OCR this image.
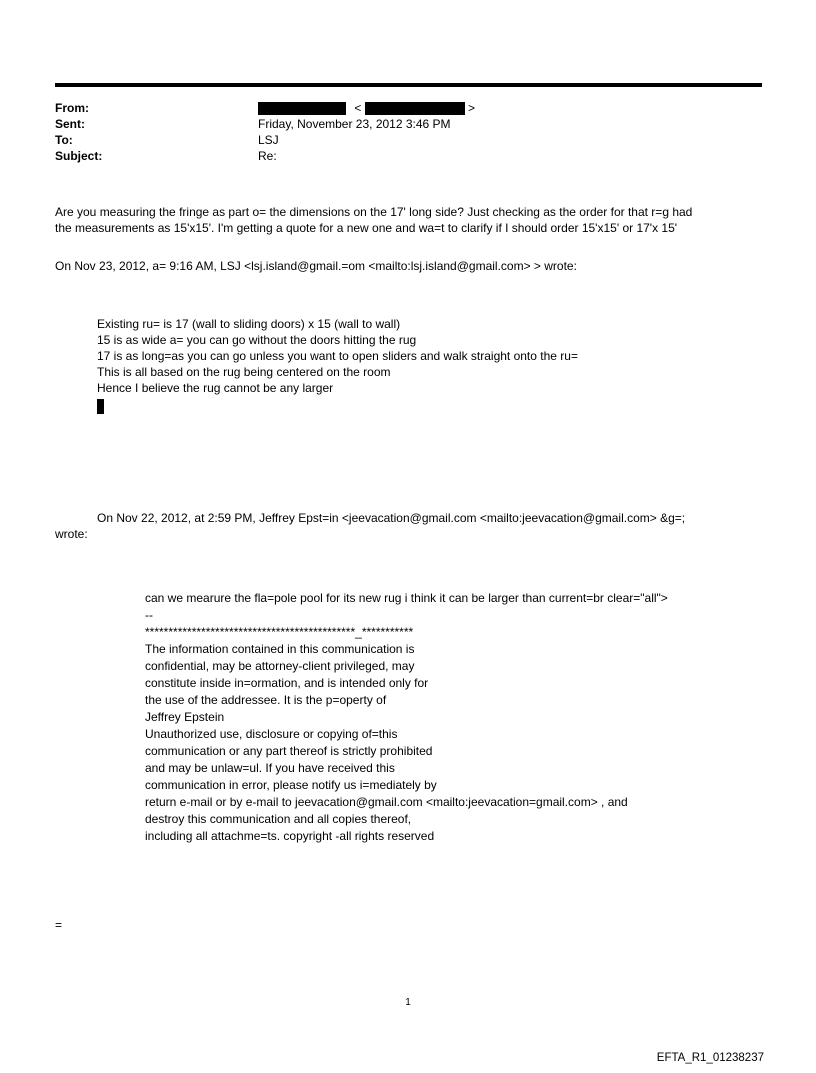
From:	<	>
Sent:	Friday, November 23, 2012 3:46 PM
To:	LSJ
Subject:	Re:
Are you measuring the fringe as part o= the dimensions on the 17' long side? Just checking as the order for that r=g had
the measurements as 15'x15'. I'm getting a quote for a new one and wa=t to clarify if I should order 15'x15' or 17'x 15'
On Nov 23, 2012, a= 9:16 AM, LSJ <lsj.island@gmail.=om <mailto:lsj.island@gmail.com> > wrote:
Existing ru= is 17 (wall to sliding doors) x 15 (wall to wall)
15 is as wide a= you can go without the doors hitting the rug
17 is as long=as you can go unless you want to open sliders and walk straight onto the ru=
This is all based on the rug being centered on the room
Hence I believe the rug cannot be any larger
On Nov 22, 2012, at 2:59 PM, Jeffrey Epst=in <jeevacation@gmail.com <mailto:jeevacation@gmail.com> &g=;
wrote:
can we mearure the fla=pole pool for its new rug i think it can be larger than current=br clear="all">
--
*********************************************_***********
The information contained in this communication is
confidential, may be attorney-client privileged, may
constitute inside in=ormation, and is intended only for
the use of the addressee. It is the p=operty of
Jeffrey Epstein
Unauthorized use, disclosure or copying of=this
communication or any part thereof is strictly prohibited
and may be unlaw=ul. If you have received this
communication in error, please notify us i=mediately by
return e-mail or by e-mail to jeevacation@gmail.com <mailto:jeevacation=gmail.com> , and
destroy this communication and all copies thereof,
including all attachme=ts. copyright -all rights reserved
=
1
EFTA_R1_01238237
